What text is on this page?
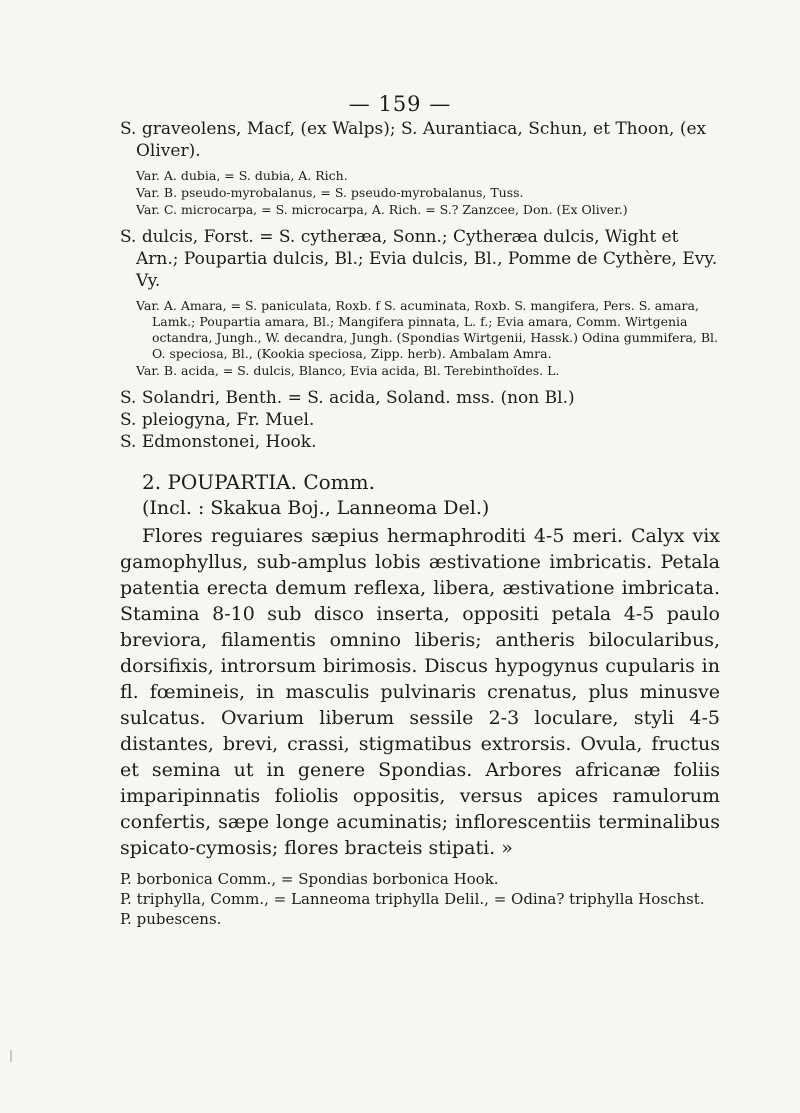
— 159 —

S. graveolens, Macf, (ex Walps); S. Aurantiaca, Schun, et Thoon, (ex Oliver).

Var. A. dubia, = S. dubia, A. Rich.

Var. B. pseudo-myrobalanus, = S. pseudo-myrobalanus, Tuss.

Var. C. microcarpa, = S. microcarpa, A. Rich. = S.? Zanzcee, Don. (Ex Oliver.)

S. dulcis, Forst. = S. cytheræa, Sonn.; Cytheræa dulcis, Wight et Arn.; Poupartia dulcis, Bl.; Evia dulcis, Bl., Pomme de Cythère, Evy. Vy.

Var. A. Amara, = S. paniculata, Roxb. f S. acuminata, Roxb. S. mangifera, Pers. S. amara, Lamk.; Poupartia amara, Bl.; Mangifera pinnata, L. f.; Evia amara, Comm. Wirtgenia octandra, Jungh., W. decandra, Jungh. (Spondias Wirtgenii, Hassk.) Odina gummifera, Bl. O. speciosa, Bl., (Kookia speciosa, Zipp. herb). Ambalam Amra.

Var. B. acida, = S. dulcis, Blanco, Evia acida, Bl. Terebinthoïdes. L.

S. Solandri, Benth. = S. acida, Soland. mss. (non Bl.)

S. pleiogyna, Fr. Muel.

S. Edmonstonei, Hook.

2. POUPARTIA. Comm.

(Incl. : Skakua Boj., Lanneoma Del.)

Flores reguiares sæpius hermaphroditi 4-5 meri. Calyx vix gamophyllus, sub-amplus lobis æstivatione imbricatis. Petala patentia erecta demum reflexa, libera, æstivatione imbricata. Stamina 8-10 sub disco inserta, oppositi petala 4-5 paulo breviora, filamentis omnino liberis; antheris bilocularibus, dorsifixis, introrsum birimosis. Discus hypogynus cupularis in fl. fœmineis, in masculis pulvinaris crenatus, plus minusve sulcatus. Ovarium liberum sessile 2-3 loculare, styli 4-5 distantes, brevi, crassi, stigmatibus extrorsis. Ovula, fructus et semina ut in genere Spondias. Arbores africanæ foliis imparipinnatis foliolis oppositis, versus apices ramulorum confertis, sæpe longe acuminatis; inflorescentiis terminalibus spicato-cymosis; flores bracteis stipati. »

P. borbonica Comm., = Spondias borbonica Hook.

P. triphylla, Comm., = Lanneoma triphylla Delil., = Odina? triphylla Hoschst.

P. pubescens.
